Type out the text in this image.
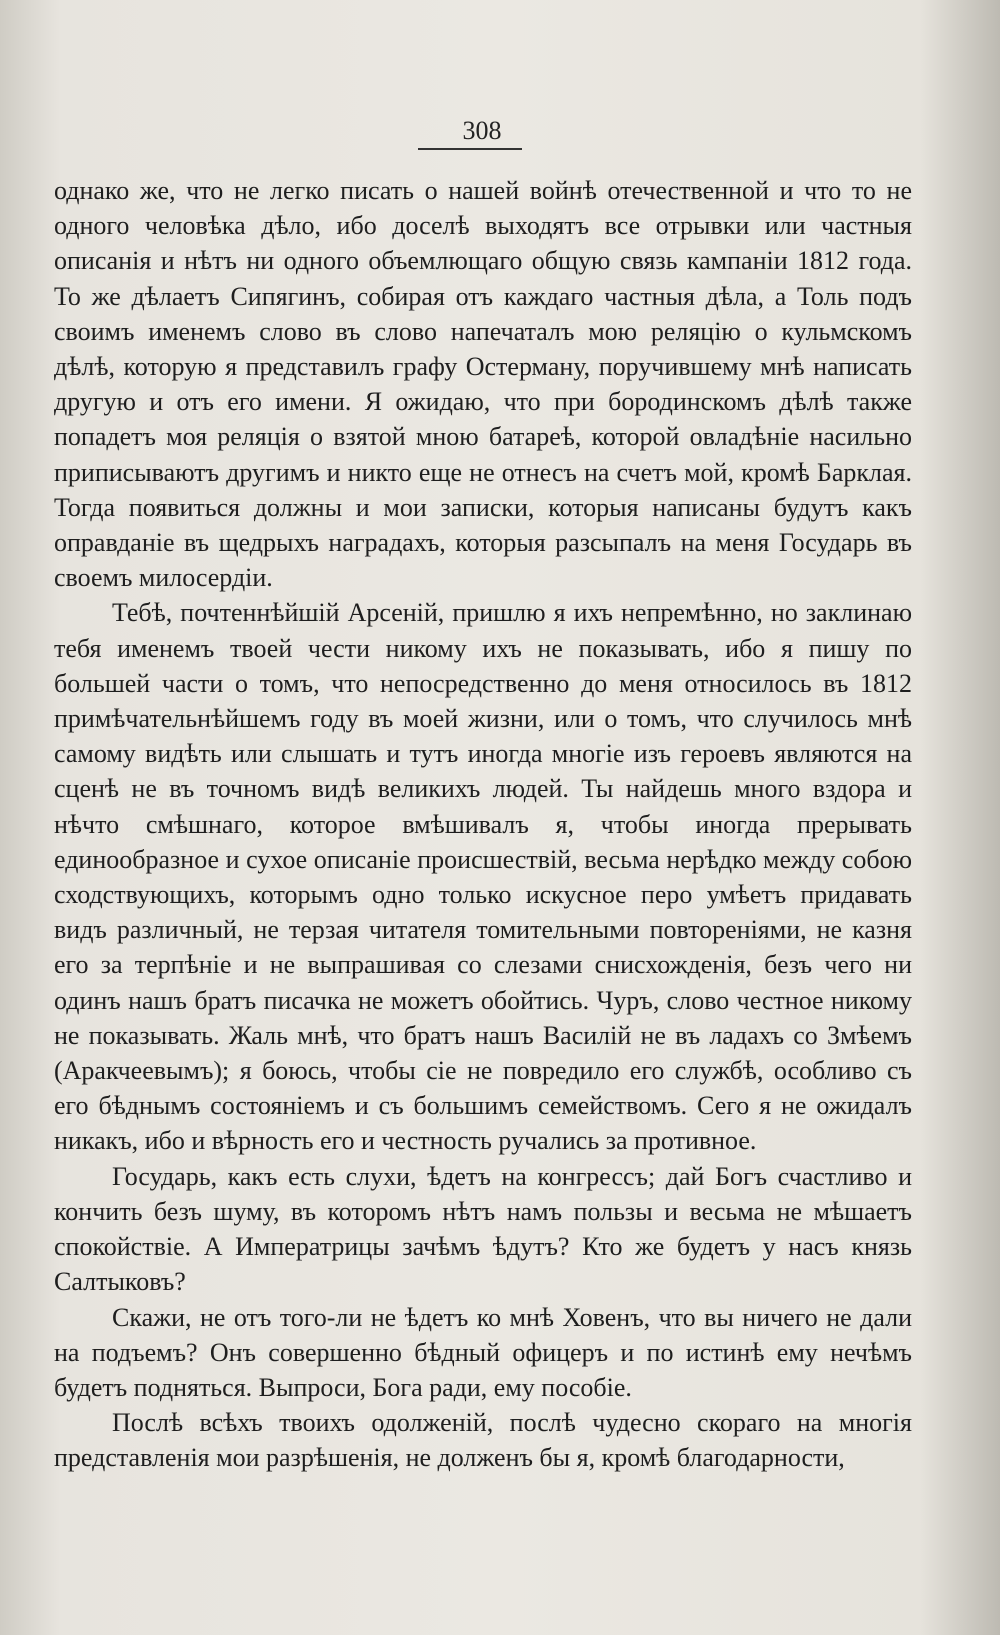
308

однако же, что не легко писать о нашей войнѣ отечественной и что то не одного человѣка дѣло, ибо доселѣ выходятъ все отрывки или частныя описанія и нѣтъ ни одного объемлющаго общую связь кампаніи 1812 года. То же дѣлаетъ Сипягинъ, собирая отъ каждаго частныя дѣла, а Толь подъ своимъ именемъ слово въ слово напечаталъ мою реляцію о кульмскомъ дѣлѣ, которую я представилъ графу Остерману, поручившему мнѣ написать другую и отъ его имени. Я ожидаю, что при бородинскомъ дѣлѣ также попадетъ моя реляція о взятой мною батареѣ, которой овладѣніе насильно приписываютъ другимъ и никто еще не отнесъ на счетъ мой, кромѣ Барклая. Тогда появиться должны и мои записки, которыя написаны будутъ какъ оправданіе въ щедрыхъ наградахъ, которыя разсыпалъ на меня Государь въ своемъ милосердіи.

Тебѣ, почтеннѣйшій Арсеній, пришлю я ихъ непремѣнно, но заклинаю тебя именемъ твоей чести никому ихъ не показывать, ибо я пишу по большей части о томъ, что непосредственно до меня относилось въ 1812 примѣчательнѣйшемъ году въ моей жизни, или о томъ, что случилось мнѣ самому видѣть или слышать и тутъ иногда многіе изъ героевъ являются на сценѣ не въ точномъ видѣ великихъ людей. Ты найдешь много вздора и нѣчто смѣшнаго, которое вмѣшивалъ я, чтобы иногда прерывать единообразное и сухое описаніе происшествій, весьма нерѣдко между собою сходствующихъ, которымъ одно только искусное перо умѣетъ придавать видъ различный, не терзая читателя томительными повтореніями, не казня его за терпѣніе и не выпрашивая со слезами снисхожденія, безъ чего ни одинъ нашъ братъ писачка не можетъ обойтись. Чуръ, слово честное никому не показывать. Жаль мнѣ, что братъ нашъ Василій не въ ладахъ со Змѣемъ (Аракчеевымъ); я боюсь, чтобы сіе не повредило его службѣ, особливо съ его бѣднымъ состояніемъ и съ большимъ семействомъ. Сего я не ожидалъ никакъ, ибо и вѣрность его и честность ручались за противное.

Государь, какъ есть слухи, ѣдетъ на конгрессъ; дай Богъ счастливо и кончить безъ шуму, въ которомъ нѣтъ намъ пользы и весьма не мѣшаетъ спокойствіе. А Императрицы зачѣмъ ѣдутъ? Кто же будетъ у насъ князь Салтыковъ?

Скажи, не отъ того-ли не ѣдетъ ко мнѣ Ховенъ, что вы ничего не дали на подъемъ? Онъ совершенно бѣдный офицеръ и по истинѣ ему нечѣмъ будетъ подняться. Выпроси, Бога ради, ему пособіе.

Послѣ всѣхъ твоихъ одолженій, послѣ чудесно скораго на многія представленія мои разрѣшенія, не долженъ бы я, кромѣ благодарности,
